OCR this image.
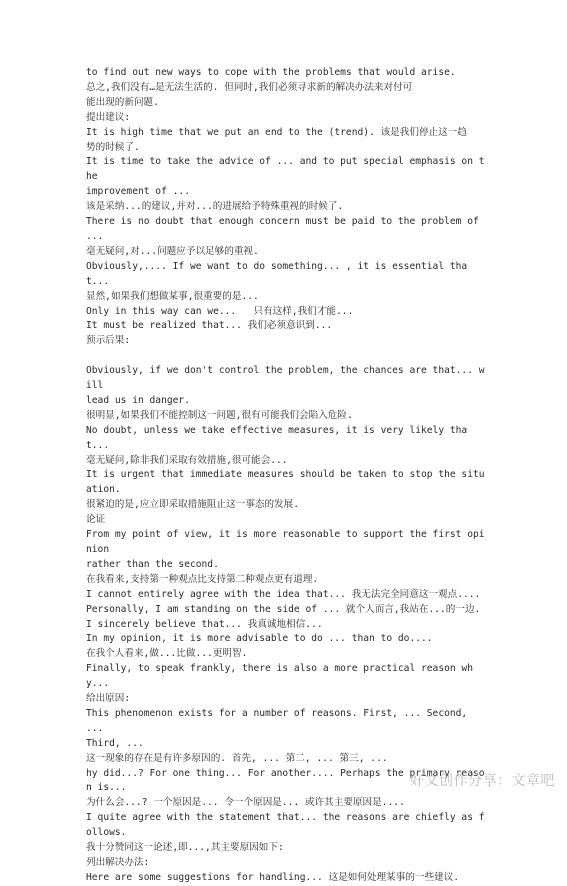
to find out new ways to cope with the problems that would arise.

总之,我们没有…是无法生活的. 但同时,我们必须寻求新的解决办法来对付可

能出现的新问题.

提出建议:

It is high time that we put an end to the (trend). 该是我们停止这一趋

势的时候了.

It is time to take the advice of ... and to put special emphasis on the

improvement of ...

该是采纳...的建议,并对...的进展给予特殊重视的时候了.

There is no doubt that enough concern must be paid to the problem of ...

毫无疑问,对...问题应予以足够的重视.

Obviously,.... If we want to do something... , it is essential that...

显然,如果我们想做某事,很重要的是...

Only in this way can we...   只有这样,我们才能...

It must be realized that... 我们必须意识到...

预示后果:

Obviously, if we don't control the problem, the chances are that... will

lead us in danger.

很明显,如果我们不能控制这一问题,很有可能我们会陷入危险.

No doubt, unless we take effective measures, it is very likely that...

毫无疑问,除非我们采取有效措施,很可能会...

It is urgent that immediate measures should be taken to stop the situation.

很紧迫的是,应立即采取措施阻止这一事态的发展.

论证

From my point of view, it is more reasonable to support the first opinion

rather than the second.

在我看来,支持第一种观点比支持第二种观点更有道理.

I cannot entirely agree with the idea that... 我无法完全同意这一观点....

Personally, I am standing on the side of ... 就个人而言,我站在...的一边.

I sincerely believe that... 我真诚地相信...

In my opinion, it is more advisable to do ... than to do....

在我个人看来,做...比做...更明智.

Finally, to speak frankly, there is also a more practical reason why...

给出原因:

This phenomenon exists for a number of reasons. First, ... Second, ...

Third, ...

这一现象的存在是有许多原因的. 首先, ... 第二, ... 第三, ...

hy did...? For one thing... For another.... Perhaps the primary reason is...

为什么会...? 一个原因是... 令一个原因是... 或许其主要原因是....

I quite agree with the statement that... the reasons are chiefly as follows.

我十分赞同这一论述,即...,其主要原因如下:

列出解决办法:

Here are some suggestions for handling... 这是如何处理某事的一些建议.

好文创作分享：文章吧
